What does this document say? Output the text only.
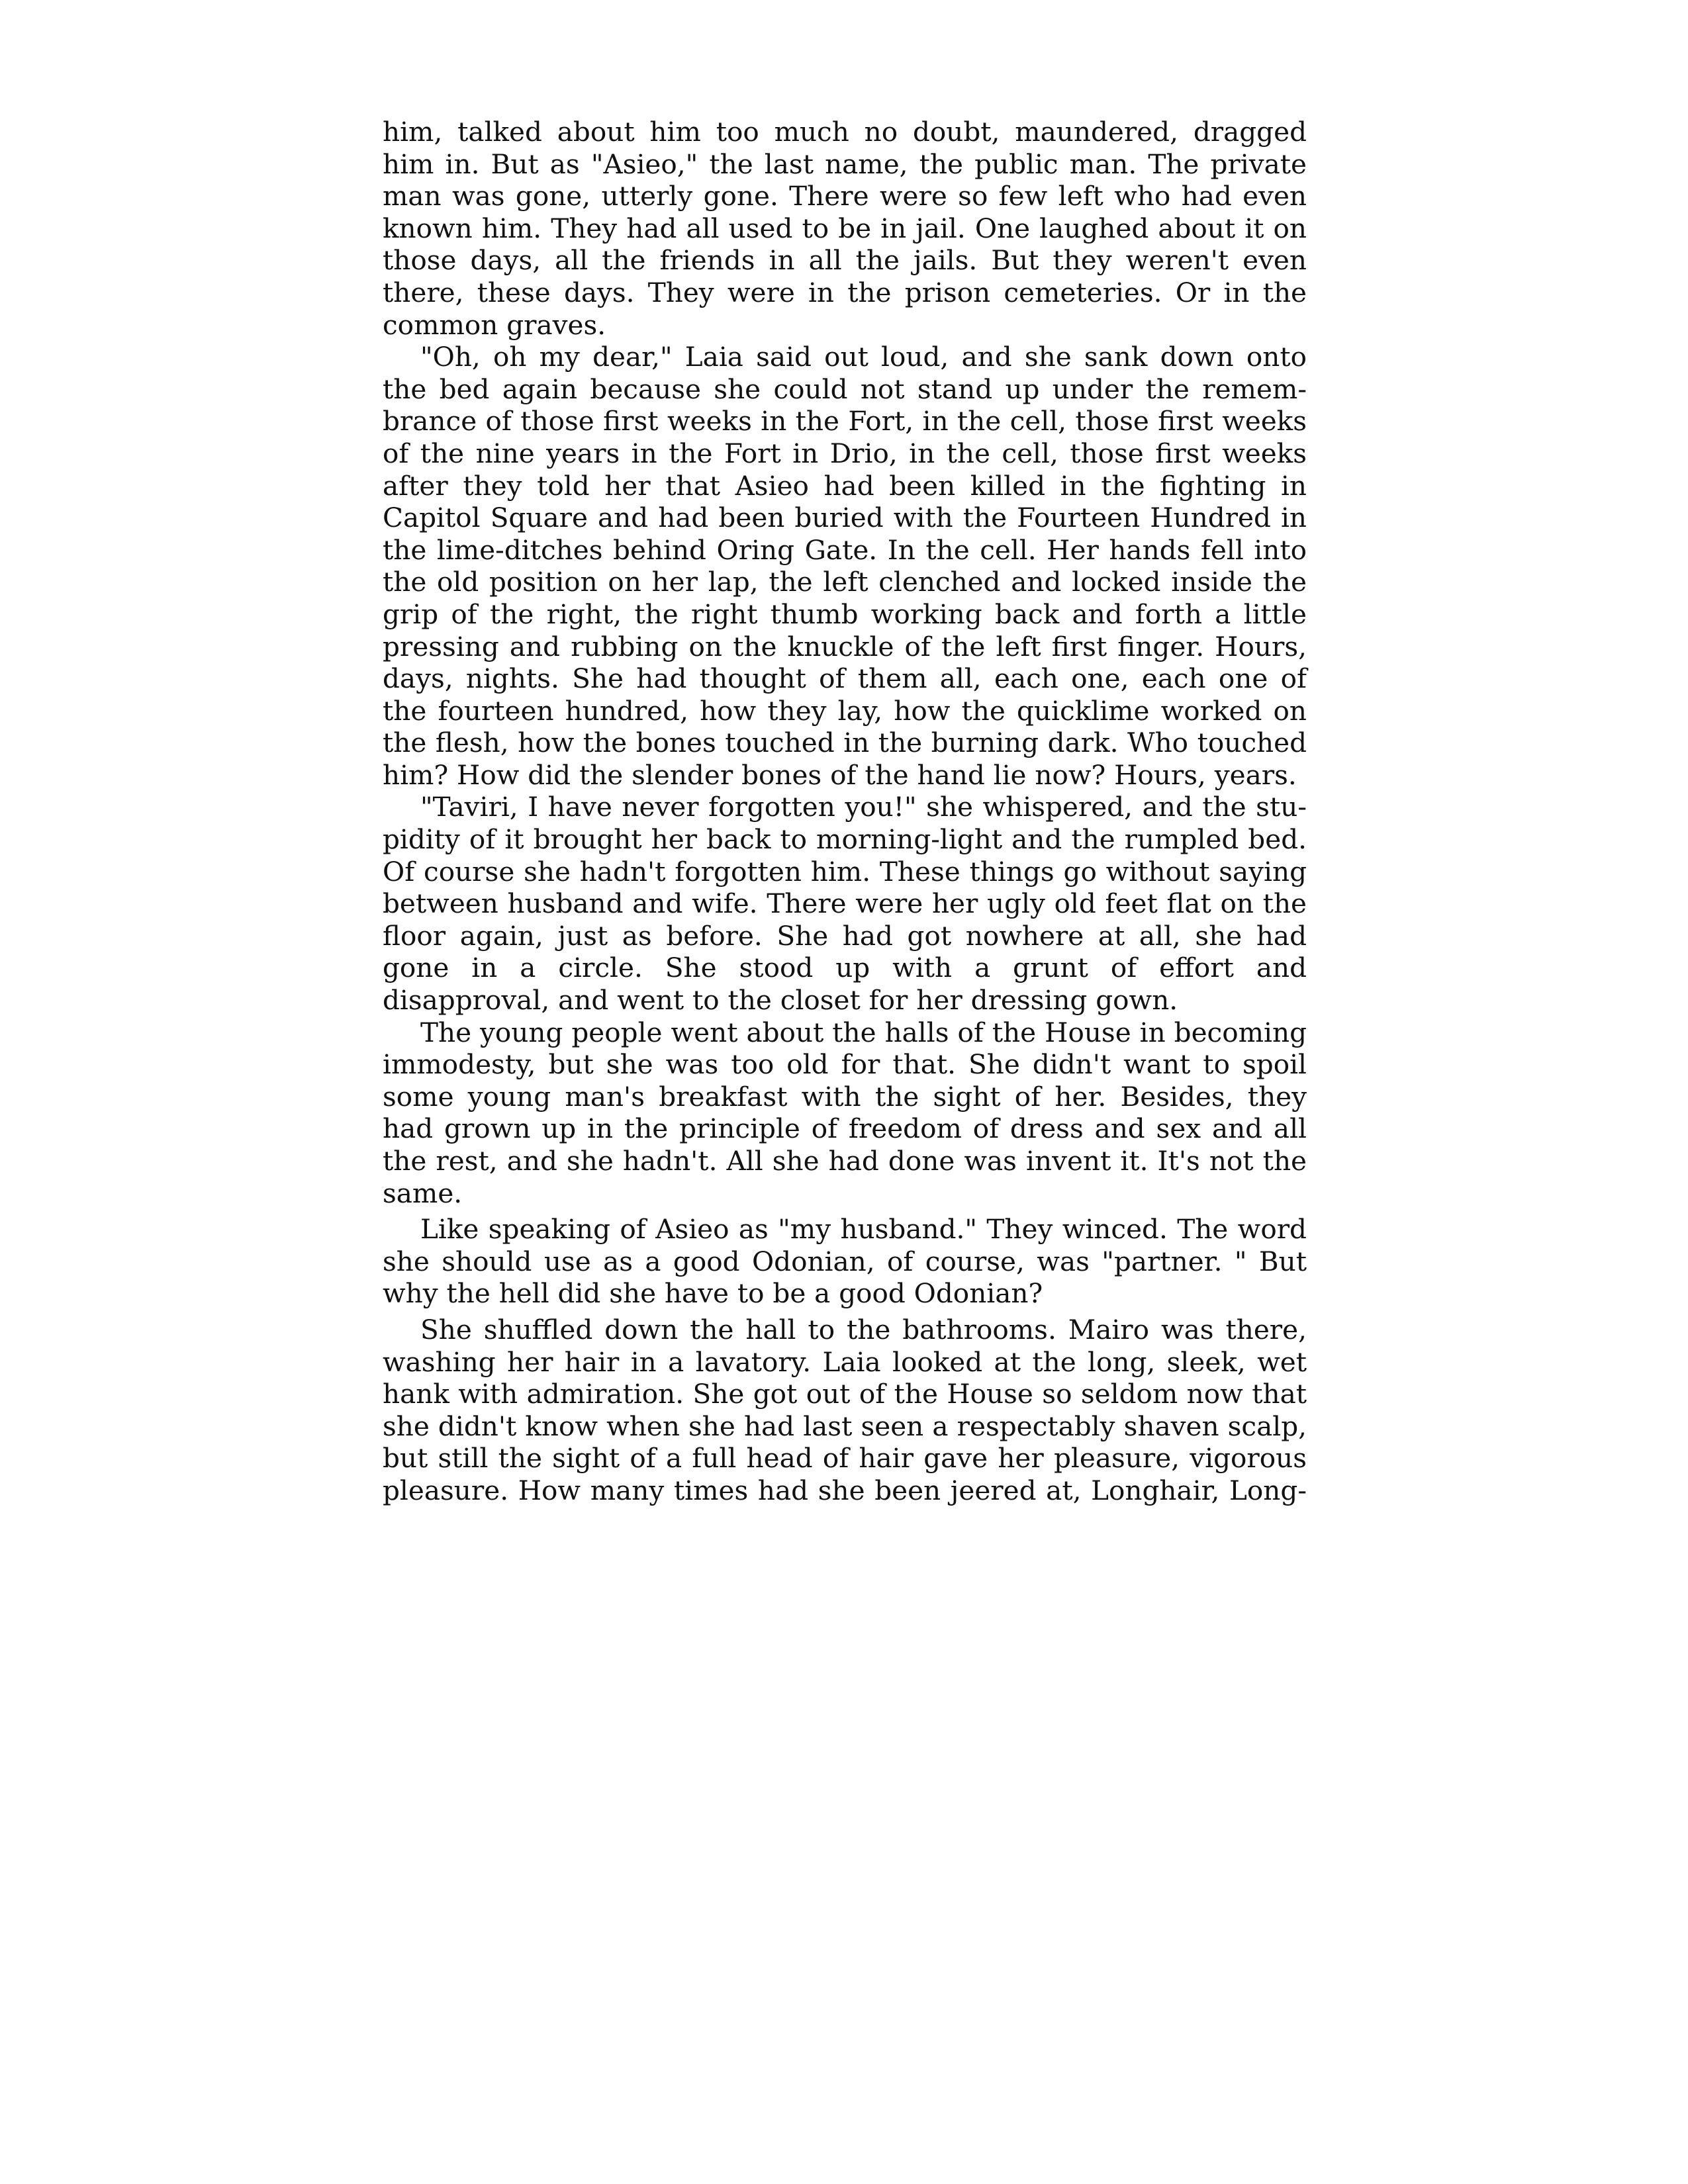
him, talked about him too much no doubt, maundered, dragged him in. But as "Asieo," the last name, the public man. The private man was gone, utterly gone. There were so few left who had even known him. They had all used to be in jail. One laughed about it on those days, all the friends in all the jails. But they weren't even there, these days. They were in the prison cemeteries. Or in the common graves.

"Oh, oh my dear," Laia said out loud, and she sank down onto the bed again because she could not stand up under the remembrance of those first weeks in the Fort, in the cell, those first weeks of the nine years in the Fort in Drio, in the cell, those first weeks after they told her that Asieo had been killed in the fighting in Capitol Square and had been buried with the Fourteen Hundred in the lime-ditches behind Oring Gate. In the cell. Her hands fell into the old position on her lap, the left clenched and locked inside the grip of the right, the right thumb working back and forth a little pressing and rubbing on the knuckle of the left first finger. Hours, days, nights. She had thought of them all, each one, each one of the fourteen hundred, how they lay, how the quicklime worked on the flesh, how the bones touched in the burning dark. Who touched him? How did the slender bones of the hand lie now? Hours, years.

"Taviri, I have never forgotten you!" she whispered, and the stupidity of it brought her back to morning-light and the rumpled bed. Of course she hadn't forgotten him. These things go without saying between husband and wife. There were her ugly old feet flat on the floor again, just as before. She had got nowhere at all, she had gone in a circle. She stood up with a grunt of effort and disapproval, and went to the closet for her dressing gown.

The young people went about the halls of the House in becoming immodesty, but she was too old for that. She didn't want to spoil some young man's breakfast with the sight of her. Besides, they had grown up in the principle of freedom of dress and sex and all the rest, and she hadn't. All she had done was invent it. It's not the same.

Like speaking of Asieo as "my husband." They winced. The word she should use as a good Odonian, of course, was "partner. " But why the hell did she have to be a good Odonian?

She shuffled down the hall to the bathrooms. Mairo was there, washing her hair in a lavatory. Laia looked at the long, sleek, wet hank with admiration. She got out of the House so seldom now that she didn't know when she had last seen a respectably shaven scalp, but still the sight of a full head of hair gave her pleasure, vigorous pleasure. How many times had she been jeered at, Longhair, Long-
